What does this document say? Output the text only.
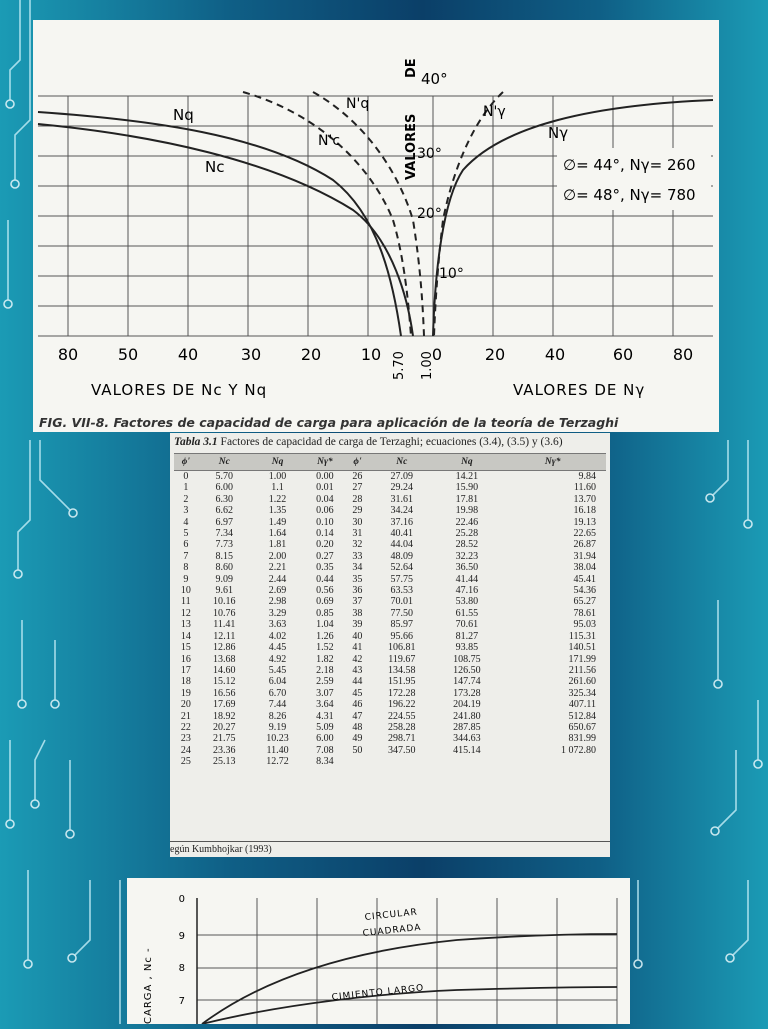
Nq
N'q
N'c
Nc
N'γ
Nγ
DE
VALORES
40°
30°
20°
10°
∅= 44°, Nγ= 260
∅= 48°, Nγ= 780
80 50 40	30 20 10	0	20 40	60 80
5.70 1.00
VALORES DE Nc Y Nq	VALORES DE Nγ
FIG. VII-8. Factores de capacidad de carga para aplicación de la teoría de Terzaghi
Tabla 3.1 Factores de capacidad de carga de Terzaghi; ecuaciones (3.4), (3.5) y (3.6)
ϕ'	Nc	Nq	Nγ*	ϕ'	Nc	Nq	Nγ*
0	5.70	1.00	0.00	26	27.09	14.21	9.84
1	6.00	1.1	0.01	27	29.24	15.90	11.60
2	6.30	1.22	0.04	28	31.61	17.81	13.70
3	6.62	1.35	0.06	29	34.24	19.98	16.18
4	6.97	1.49	0.10	30	37.16	22.46	19.13
5	7.34	1.64	0.14	31	40.41	25.28	22.65
6	7.73	1.81	0.20	32	44.04	28.52	26.87
7	8.15	2.00	0.27	33	48.09	32.23	31.94
8	8.60	2.21	0.35	34	52.64	36.50	38.04
9	9.09	2.44	0.44	35	57.75	41.44	45.41
10	9.61	2.69	0.56	36	63.53	47.16	54.36
11	10.16	2.98	0.69	37	70.01	53.80	65.27
12	10.76	3.29	0.85	38	77.50	61.55	78.61
13	11.41	3.63	1.04	39	85.97	70.61	95.03
14	12.11	4.02	1.26	40	95.66	81.27	115.31
15	12.86	4.45	1.52	41	106.81	93.85	140.51
16	13.68	4.92	1.82	42	119.67	108.75	171.99
17	14.60	5.45	2.18	43	134.58	126.50	211.56
18	15.12	6.04	2.59	44	151.95	147.74	261.60
19	16.56	6.70	3.07	45	172.28	173.28	325.34
20	17.69	7.44	3.64	46	196.22	204.19	407.11
21	18.92	8.26	4.31	47	224.55	241.80	512.84
22	20.27	9.19	5.09	48	258.28	287.85	650.67
23	21.75	10.23	6.00	49	298.71	344.63	831.99
24	23.36	11.40	7.08	50	347.50	415.14	1 072.80
25	25.13	12.72	8.34				
egún Kumbhojkar (1993)
0
9
8
7
CARGA , Nc -
CIRCULAR
CUADRADA
CIMIENTO LARGO
